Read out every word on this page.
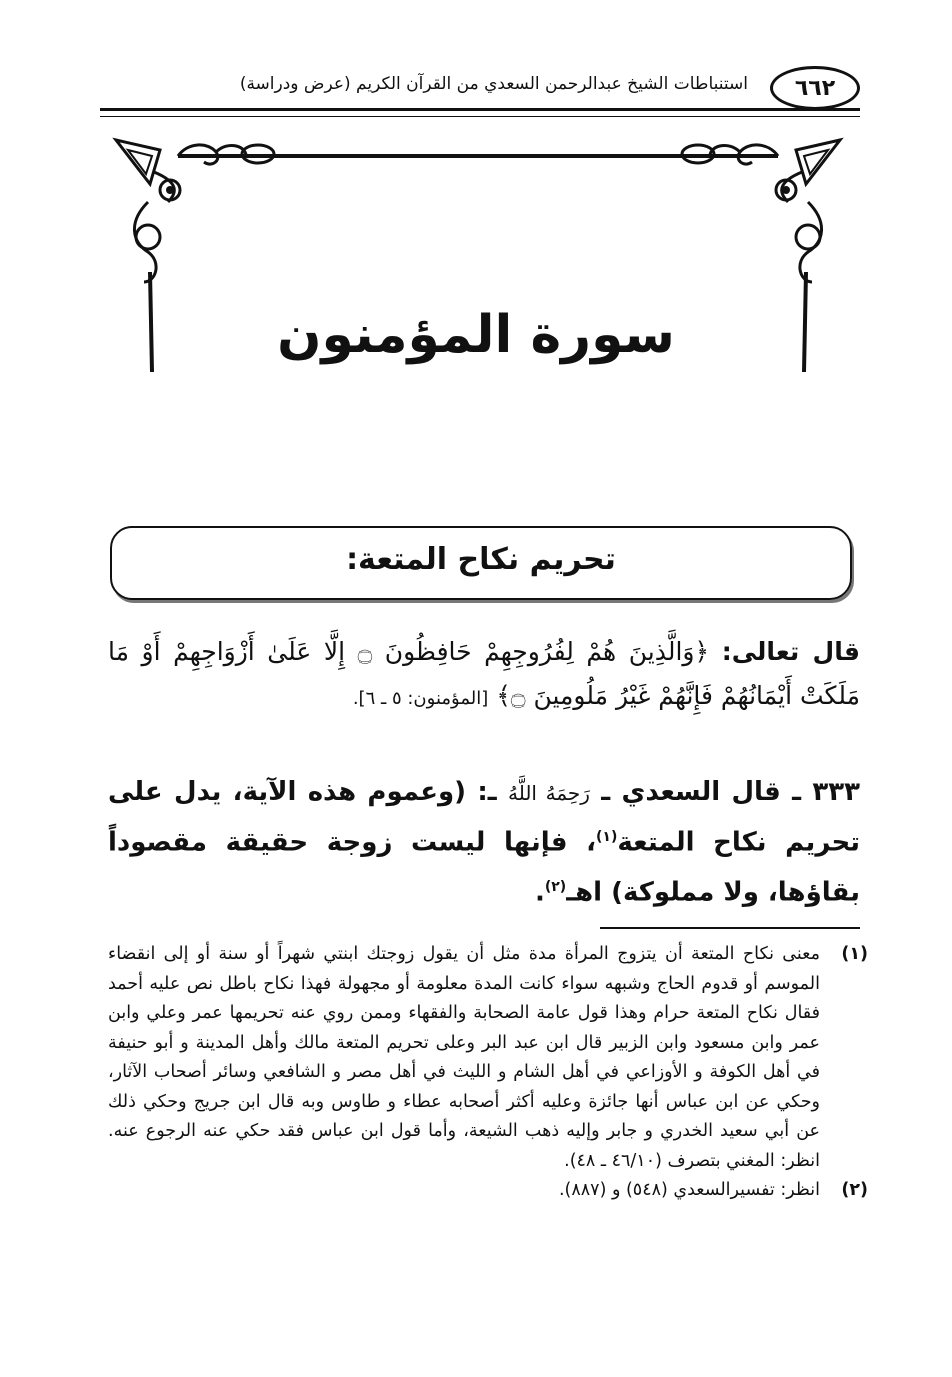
٦٦٢
استنباطات الشيخ عبدالرحمن السعدي من القرآن الكريم (عرض ودراسة)
سورة المؤمنون
تحريم نكاح المتعة:
قال تعالى: ﴿وَالَّذِينَ هُمْ لِفُرُوجِهِمْ حَافِظُونَ ۝ إِلَّا عَلَىٰ أَزْوَاجِهِمْ أَوْ مَا مَلَكَتْ أَيْمَانُهُمْ فَإِنَّهُمْ غَيْرُ مَلُومِينَ ۝﴾ [المؤمنون: ٥ ـ ٦].
٣٣٣ ـ قال السعدي ـ رَحِمَهُ اللَّهُ ـ: (وعموم هذه الآية، يدل على تحريم نكاح المتعة$^{(١)}$، فإنها ليست زوجة حقيقة مقصوداً بقاؤها، ولا مملوكة) اهـ$^{(٢)}$.
(١)
معنى نكاح المتعة أن يتزوج المرأة مدة مثل أن يقول زوجتك ابنتي شهراً أو سنة أو إلى انقضاء الموسم أو قدوم الحاج وشبهه سواء كانت المدة معلومة أو مجهولة فهذا نكاح باطل نص عليه أحمد فقال نكاح المتعة حرام وهذا قول عامة الصحابة والفقهاء وممن روي عنه تحريمها عمر وعلي وابن عمر وابن مسعود وابن الزبير قال ابن عبد البر وعلى تحريم المتعة مالك وأهل المدينة و أبو حنيفة في أهل الكوفة و الأوزاعي في أهل الشام و الليث في أهل مصر و الشافعي وسائر أصحاب الآثار، وحكي عن ابن عباس أنها جائزة وعليه أكثر أصحابه عطاء و طاوس وبه قال ابن جريج وحكي ذلك عن أبي سعيد الخدري و جابر وإليه ذهب الشيعة، وأما قول ابن عباس فقد حكي عنه الرجوع عنه. انظر: المغني بتصرف (٤٦/١٠ ـ ٤٨).
(٢)
انظر: تفسيرالسعدي (٥٤٨) و (٨٨٧).
